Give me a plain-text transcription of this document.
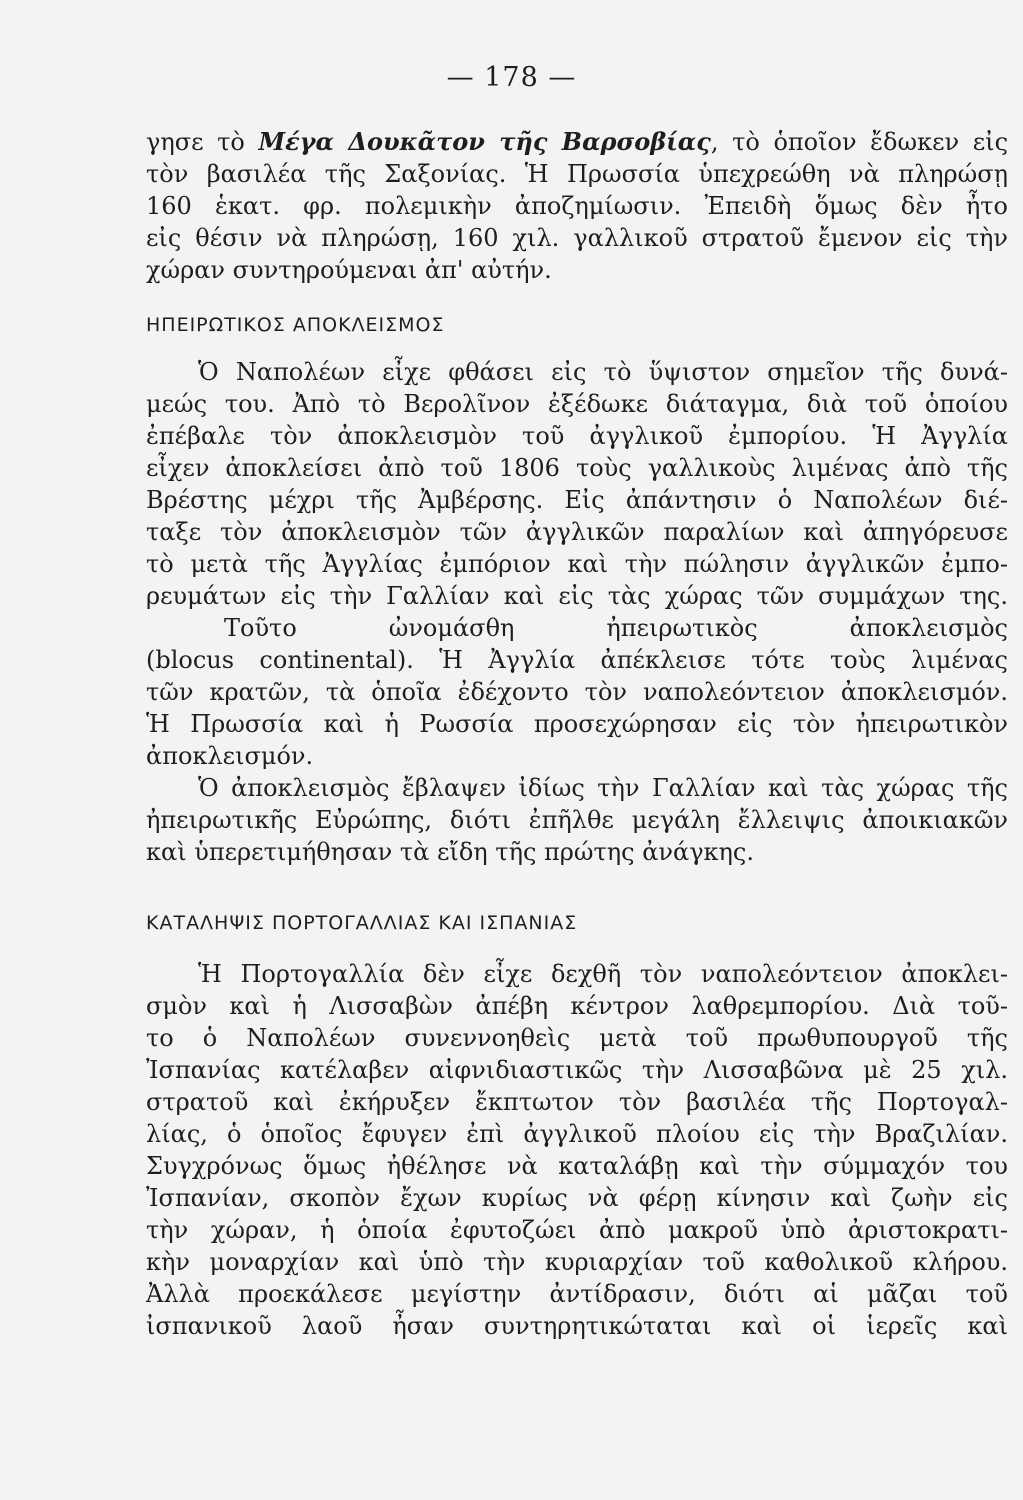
— 178 —
γησε τὸ Μέγα Δουκᾶτον τῆς Βαρσοβίας, τὸ ὁποῖον ἔδωκεν εἰς
τὸν βασιλέα τῆς Σαξονίας. Ἡ Πρωσσία ὑπεχρεώθη νὰ πληρώσῃ
160 ἑκατ. φρ. πολεμικὴν ἀποζημίωσιν. Ἐπειδὴ ὅμως δὲν ἦτο
εἰς θέσιν νὰ πληρώσῃ, 160 χιλ. γαλλικοῦ στρατοῦ ἔμενον εἰς τὴν
χώραν συντηρούμεναι ἀπ' αὐτήν.
ΗΠΕΙΡΩΤΙΚΟΣ ΑΠΟΚΛΕΙΣΜΟΣ
Ὁ Ναπολέων εἶχε φθάσει εἰς τὸ ὕψιστον σημεῖον τῆς δυνά-
μεώς του. Ἀπὸ τὸ Βερολῖνον ἐξέδωκε διάταγμα, διὰ τοῦ ὁποίου
ἐπέβαλε τὸν ἀποκλεισμὸν τοῦ ἀγγλικοῦ ἐμπορίου. Ἡ Ἀγγλία
εἶχεν ἀποκλείσει ἀπὸ τοῦ 1806 τοὺς γαλλικοὺς λιμένας ἀπὸ τῆς
Βρέστης μέχρι τῆς Ἀμβέρσης. Εἰς ἀπάντησιν ὁ Ναπολέων διέ-
ταξε τὸν ἀποκλεισμὸν τῶν ἀγγλικῶν παραλίων καὶ ἀπηγόρευσε
τὸ μετὰ τῆς Ἀγγλίας ἐμπόριον καὶ τὴν πώλησιν ἀγγλικῶν ἐμπο-
ρευμάτων εἰς τὴν Γαλλίαν καὶ εἰς τὰς χώρας τῶν συμμάχων της.
Τοῦτο ὠνομάσθη ἠπειρωτικὸς ἀποκλεισμὸς
(blocus continental). Ἡ Ἀγγλία ἀπέκλεισε τότε τοὺς λιμένας
τῶν κρατῶν, τὰ ὁποῖα ἐδέχοντο τὸν ναπολεόντειον ἀποκλεισμόν.
Ἡ Πρωσσία καὶ ἡ Ρωσσία προσεχώρησαν εἰς τὸν ἠπειρωτικὸν
ἀποκλεισμόν.
Ὁ ἀποκλεισμὸς ἔβλαψεν ἰδίως τὴν Γαλλίαν καὶ τὰς χώρας τῆς
ἠπειρωτικῆς Εὐρώπης, διότι ἐπῆλθε μεγάλη ἔλλειψις ἀποικιακῶν
καὶ ὑπερετιμήθησαν τὰ εἴδη τῆς πρώτης ἀνάγκης.
ΚΑΤΑΛΗΨΙΣ ΠΟΡΤΟΓΑΛΛΙΑΣ ΚΑΙ ΙΣΠΑΝΙΑΣ
Ἡ Πορτογαλλία δὲν εἶχε δεχθῆ τὸν ναπολεόντειον ἀποκλει-
σμὸν καὶ ἡ Λισσαβὼν ἀπέβη κέντρον λαθρεμπορίου. Διὰ τοῦ-
το ὁ Ναπολέων συνεννοηθεὶς μετὰ τοῦ πρωθυπουργοῦ τῆς
Ἰσπανίας κατέλαβεν αἰφνιδιαστικῶς τὴν Λισσαβῶνα μὲ 25 χιλ.
στρατοῦ καὶ ἐκήρυξεν ἔκπτωτον τὸν βασιλέα τῆς Πορτογαλ-
λίας, ὁ ὁποῖος ἔφυγεν ἐπὶ ἀγγλικοῦ πλοίου εἰς τὴν Βραζιλίαν.
Συγχρόνως ὅμως ἠθέλησε νὰ καταλάβῃ καὶ τὴν σύμμαχόν του
Ἰσπανίαν, σκοπὸν ἔχων κυρίως νὰ φέρῃ κίνησιν καὶ ζωὴν εἰς
τὴν χώραν, ἡ ὁποία ἐφυτοζώει ἀπὸ μακροῦ ὑπὸ ἀριστοκρατι-
κὴν μοναρχίαν καὶ ὑπὸ τὴν κυριαρχίαν τοῦ καθολικοῦ κλήρου.
Ἀλλὰ προεκάλεσε μεγίστην ἀντίδρασιν, διότι αἱ μᾶζαι τοῦ
ἰσπανικοῦ λαοῦ ἦσαν συντηρητικώταται καὶ οἱ ἱερεῖς καὶ
